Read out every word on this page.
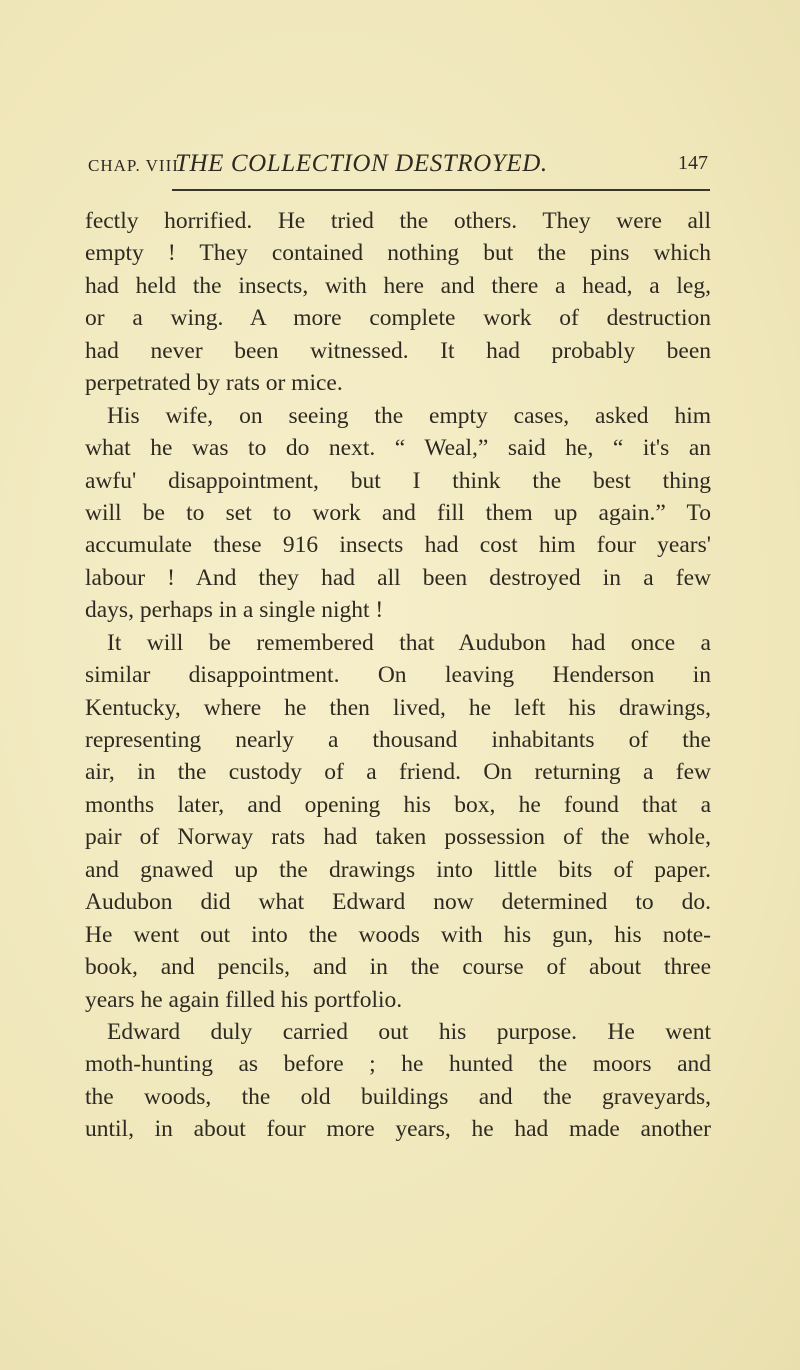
CHAP. VIII.
THE COLLECTION DESTROYED.	147
fectly horrified. He tried the others. They were all
empty ! They contained nothing but the pins which
had held the insects, with here and there a head, a leg,
or a wing. A more complete work of destruction
had never been witnessed. It had probably been
perpetrated by rats or mice.
His wife, on seeing the empty cases, asked him
what he was to do next. “ Weal,” said he, “ it's an
awfu' disappointment, but I think the best thing
will be to set to work and fill them up again.” To
accumulate these 916 insects had cost him four years'
labour ! And they had all been destroyed in a few
days, perhaps in a single night !
It will be remembered that Audubon had once a
similar disappointment. On leaving Henderson in
Kentucky, where he then lived, he left his drawings,
representing nearly a thousand inhabitants of the
air, in the custody of a friend. On returning a few
months later, and opening his box, he found that a
pair of Norway rats had taken possession of the whole,
and gnawed up the drawings into little bits of paper.
Audubon did what Edward now determined to do.
He went out into the woods with his gun, his note-
book, and pencils, and in the course of about three
years he again filled his portfolio.
Edward duly carried out his purpose. He went
moth-hunting as before ; he hunted the moors and
the woods, the old buildings and the graveyards,
until, in about four more years, he had made another
